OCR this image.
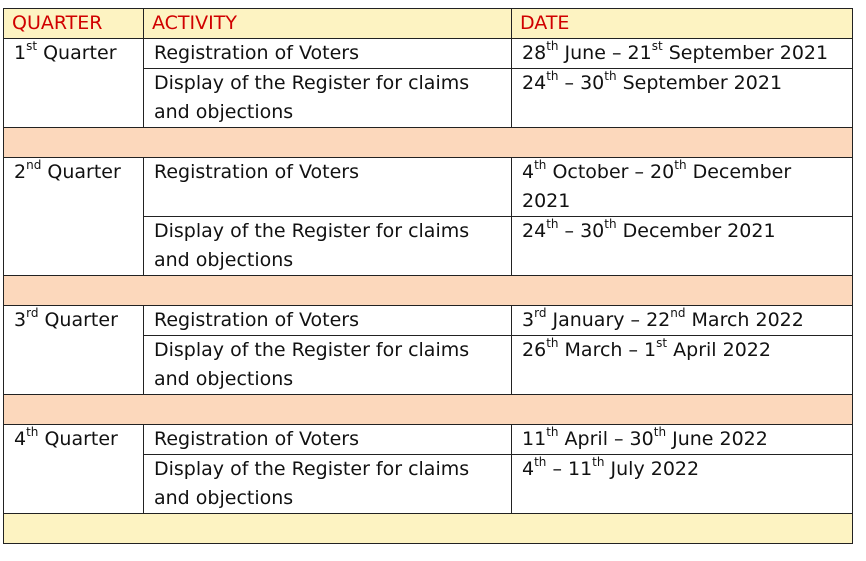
QUARTER	ACTIVITY	DATE
1st Quarter	Registration of Voters	28th June – 21st September 2021
	Display of the Register for claims and objections	24th – 30th September 2021

2nd Quarter	Registration of Voters	4th October – 20th December 2021
	Display of the Register for claims and objections	24th – 30th December 2021

3rd Quarter	Registration of Voters	3rd January – 22nd March 2022
	Display of the Register for claims and objections	26th March – 1st April 2022

4th Quarter	Registration of Voters	11th April – 30th June 2022
	Display of the Register for claims and objections	4th – 11th July 2022
